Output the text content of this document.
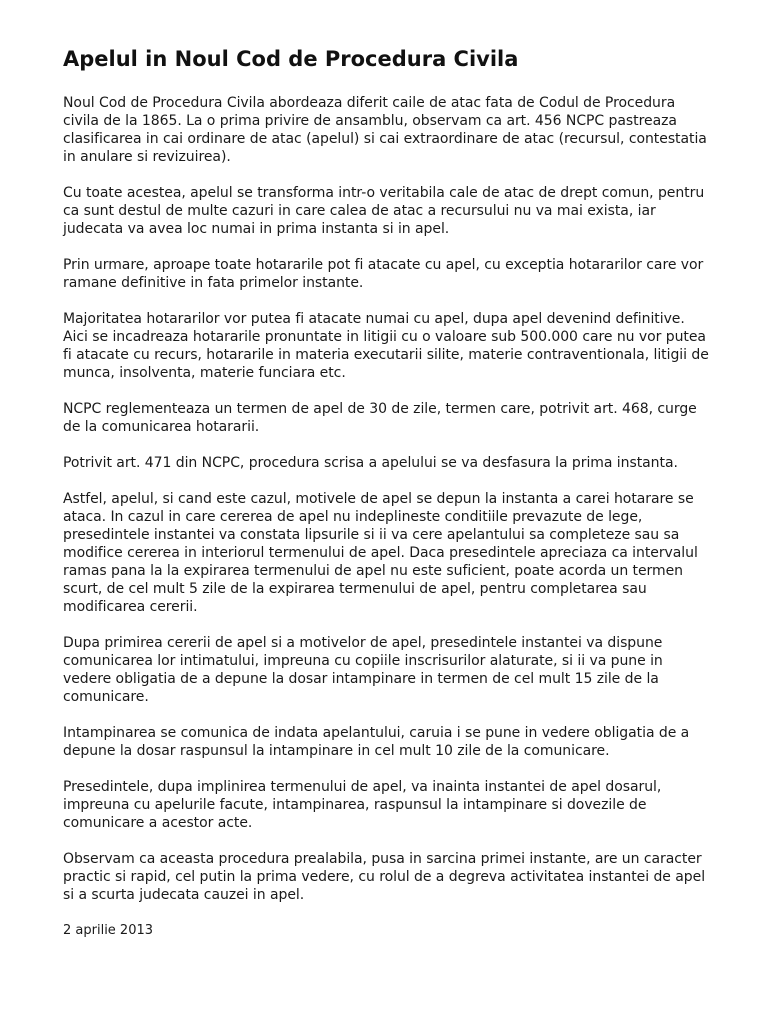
Apelul in Noul Cod de Procedura Civila

Noul Cod de Procedura Civila abordeaza diferit caile de atac fata de Codul de Procedura civila de la 1865. La o prima privire de ansamblu, observam ca art. 456 NCPC pastreaza clasificarea in cai ordinare de atac (apelul) si cai extraordinare de atac (recursul, contestatia in anulare si revizuirea).

Cu toate acestea, apelul se transforma intr-o veritabila cale de atac de drept comun, pentru ca sunt destul de multe cazuri in care calea de atac a recursului nu va mai exista, iar judecata va avea loc numai in prima instanta si in apel.

Prin urmare, aproape toate hotararile pot fi atacate cu apel, cu exceptia hotararilor care vor ramane definitive in fata primelor instante.

Majoritatea hotararilor vor putea fi atacate numai cu apel, dupa apel devenind definitive. Aici se incadreaza hotararile pronuntate in litigii cu o valoare sub 500.000 care nu vor putea fi atacate cu recurs, hotararile in materia executarii silite, materie contraventionala, litigii de munca, insolventa, materie funciara etc.

NCPC reglementeaza un termen de apel de 30 de zile, termen care, potrivit art. 468, curge de la comunicarea hotararii.

Potrivit art. 471 din NCPC, procedura scrisa a apelului se va desfasura la prima instanta.

Astfel, apelul, si cand este cazul, motivele de apel se depun la instanta a carei hotarare se ataca. In cazul in care cererea de apel nu indeplineste conditiile prevazute de lege, presedintele instantei va constata lipsurile si ii va cere apelantului sa completeze sau sa modifice cererea in interiorul termenului de apel. Daca presedintele apreciaza ca intervalul ramas pana la la expirarea termenului de apel nu este suficient, poate acorda un termen scurt, de cel mult 5 zile de la expirarea termenului de apel, pentru completarea sau modificarea cererii.

Dupa primirea cererii de apel si a motivelor de apel, presedintele instantei va dispune comunicarea lor intimatului, impreuna cu copiile inscrisurilor alaturate, si ii va pune in vedere obligatia de a depune la dosar intampinare in termen de cel mult 15 zile de la comunicare.

Intampinarea se comunica de indata apelantului, caruia i se pune in vedere obligatia de a depune la dosar raspunsul la intampinare in cel mult 10 zile de la comunicare.

Presedintele, dupa implinirea termenului de apel, va inainta instantei de apel dosarul, impreuna cu apelurile facute, intampinarea, raspunsul la intampinare si dovezile de comunicare a acestor acte.

Observam ca aceasta procedura prealabila, pusa in sarcina primei instante, are un caracter practic si rapid, cel putin la prima vedere, cu rolul de a degreva activitatea instantei de apel si a scurta judecata cauzei in apel.

2 aprilie 2013
